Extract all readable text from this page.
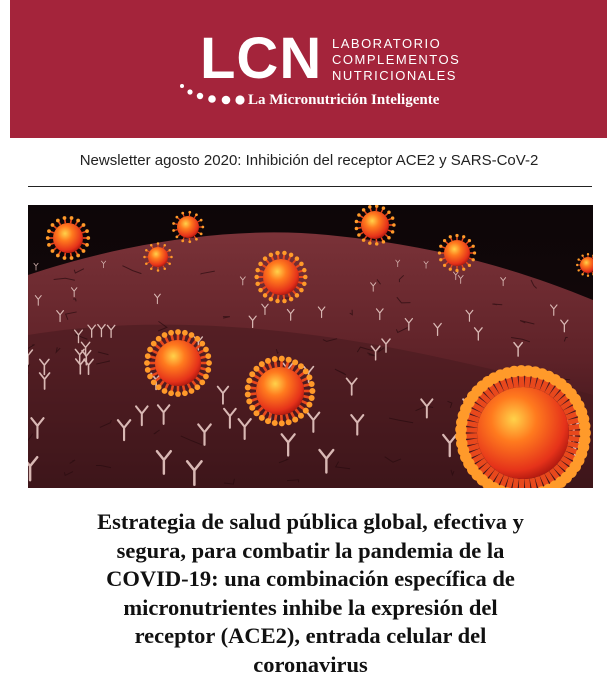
LCN LABORATORIO
COMPLEMENTOS
NUTRICIONALES
La Micronutrición Inteligente
Newsletter agosto 2020: Inhibición del receptor ACE2 y SARS-CoV-2
Estrategia de salud pública global, efectiva y
segura, para combatir la pandemia de la
COVID-19: una combinación específica de
micronutrientes inhibe la expresión del
receptor (ACE2), entrada celular del
coronavirus
